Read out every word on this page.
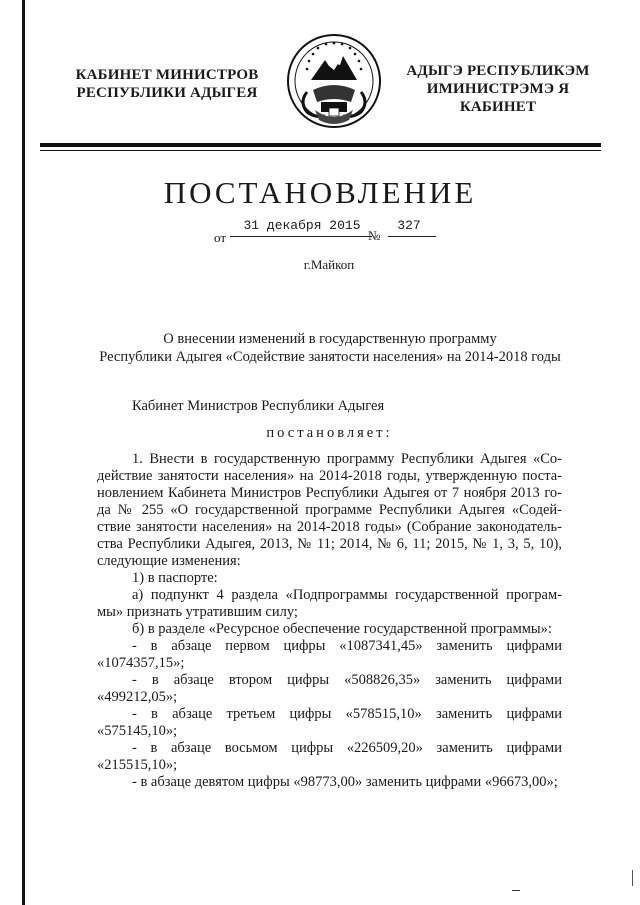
КАБИНЕТ МИНИСТРОВ
РЕСПУБЛИКИ АДЫГЕЯ
АДЫГЭ РЕСПУБЛИКЭМ
ИМИНИСТРЭМЭ Я КАБИНЕТ
ПОСТАНОВЛЕНИЕ
от
31 декабря 2015
№
327
г.Майкоп
О внесении изменений в государственную программу
Республики Адыгея «Содействие занятости населения» на 2014-2018 годы

Кабинет Министров Республики Адыгея

постановляет:

1. Внести в государственную программу Республики Адыгея «Со-

действие занятости населения» на 2014-2018 годы, утвержденную поста-

новлением Кабинета Министров Республики Адыгея от 7 ноября 2013 го-

да № 255 «О государственной программе Республики Адыгея «Содей-

ствие занятости населения» на 2014-2018 годы» (Собрание законодатель-

ства Республики Адыгея, 2013, № 11; 2014, № 6, 11; 2015, № 1, 3, 5, 10),

следующие изменения:

1) в паспорте:

а) подпункт 4 раздела «Подпрограммы государственной програм-

мы» признать утратившим силу;

б) в разделе «Ресурсное обеспечение государственной программы»:

- в абзаце первом цифры «1087341,45» заменить цифрами

«1074357,15»;

- в абзаце втором цифры «508826,35» заменить цифрами

«499212,05»;

- в абзаце третьем цифры «578515,10» заменить цифрами

«575145,10»;

- в абзаце восьмом цифры «226509,20» заменить цифрами

«215515,10»;

- в абзаце девятом цифры «98773,00» заменить цифрами «96673,00»;
